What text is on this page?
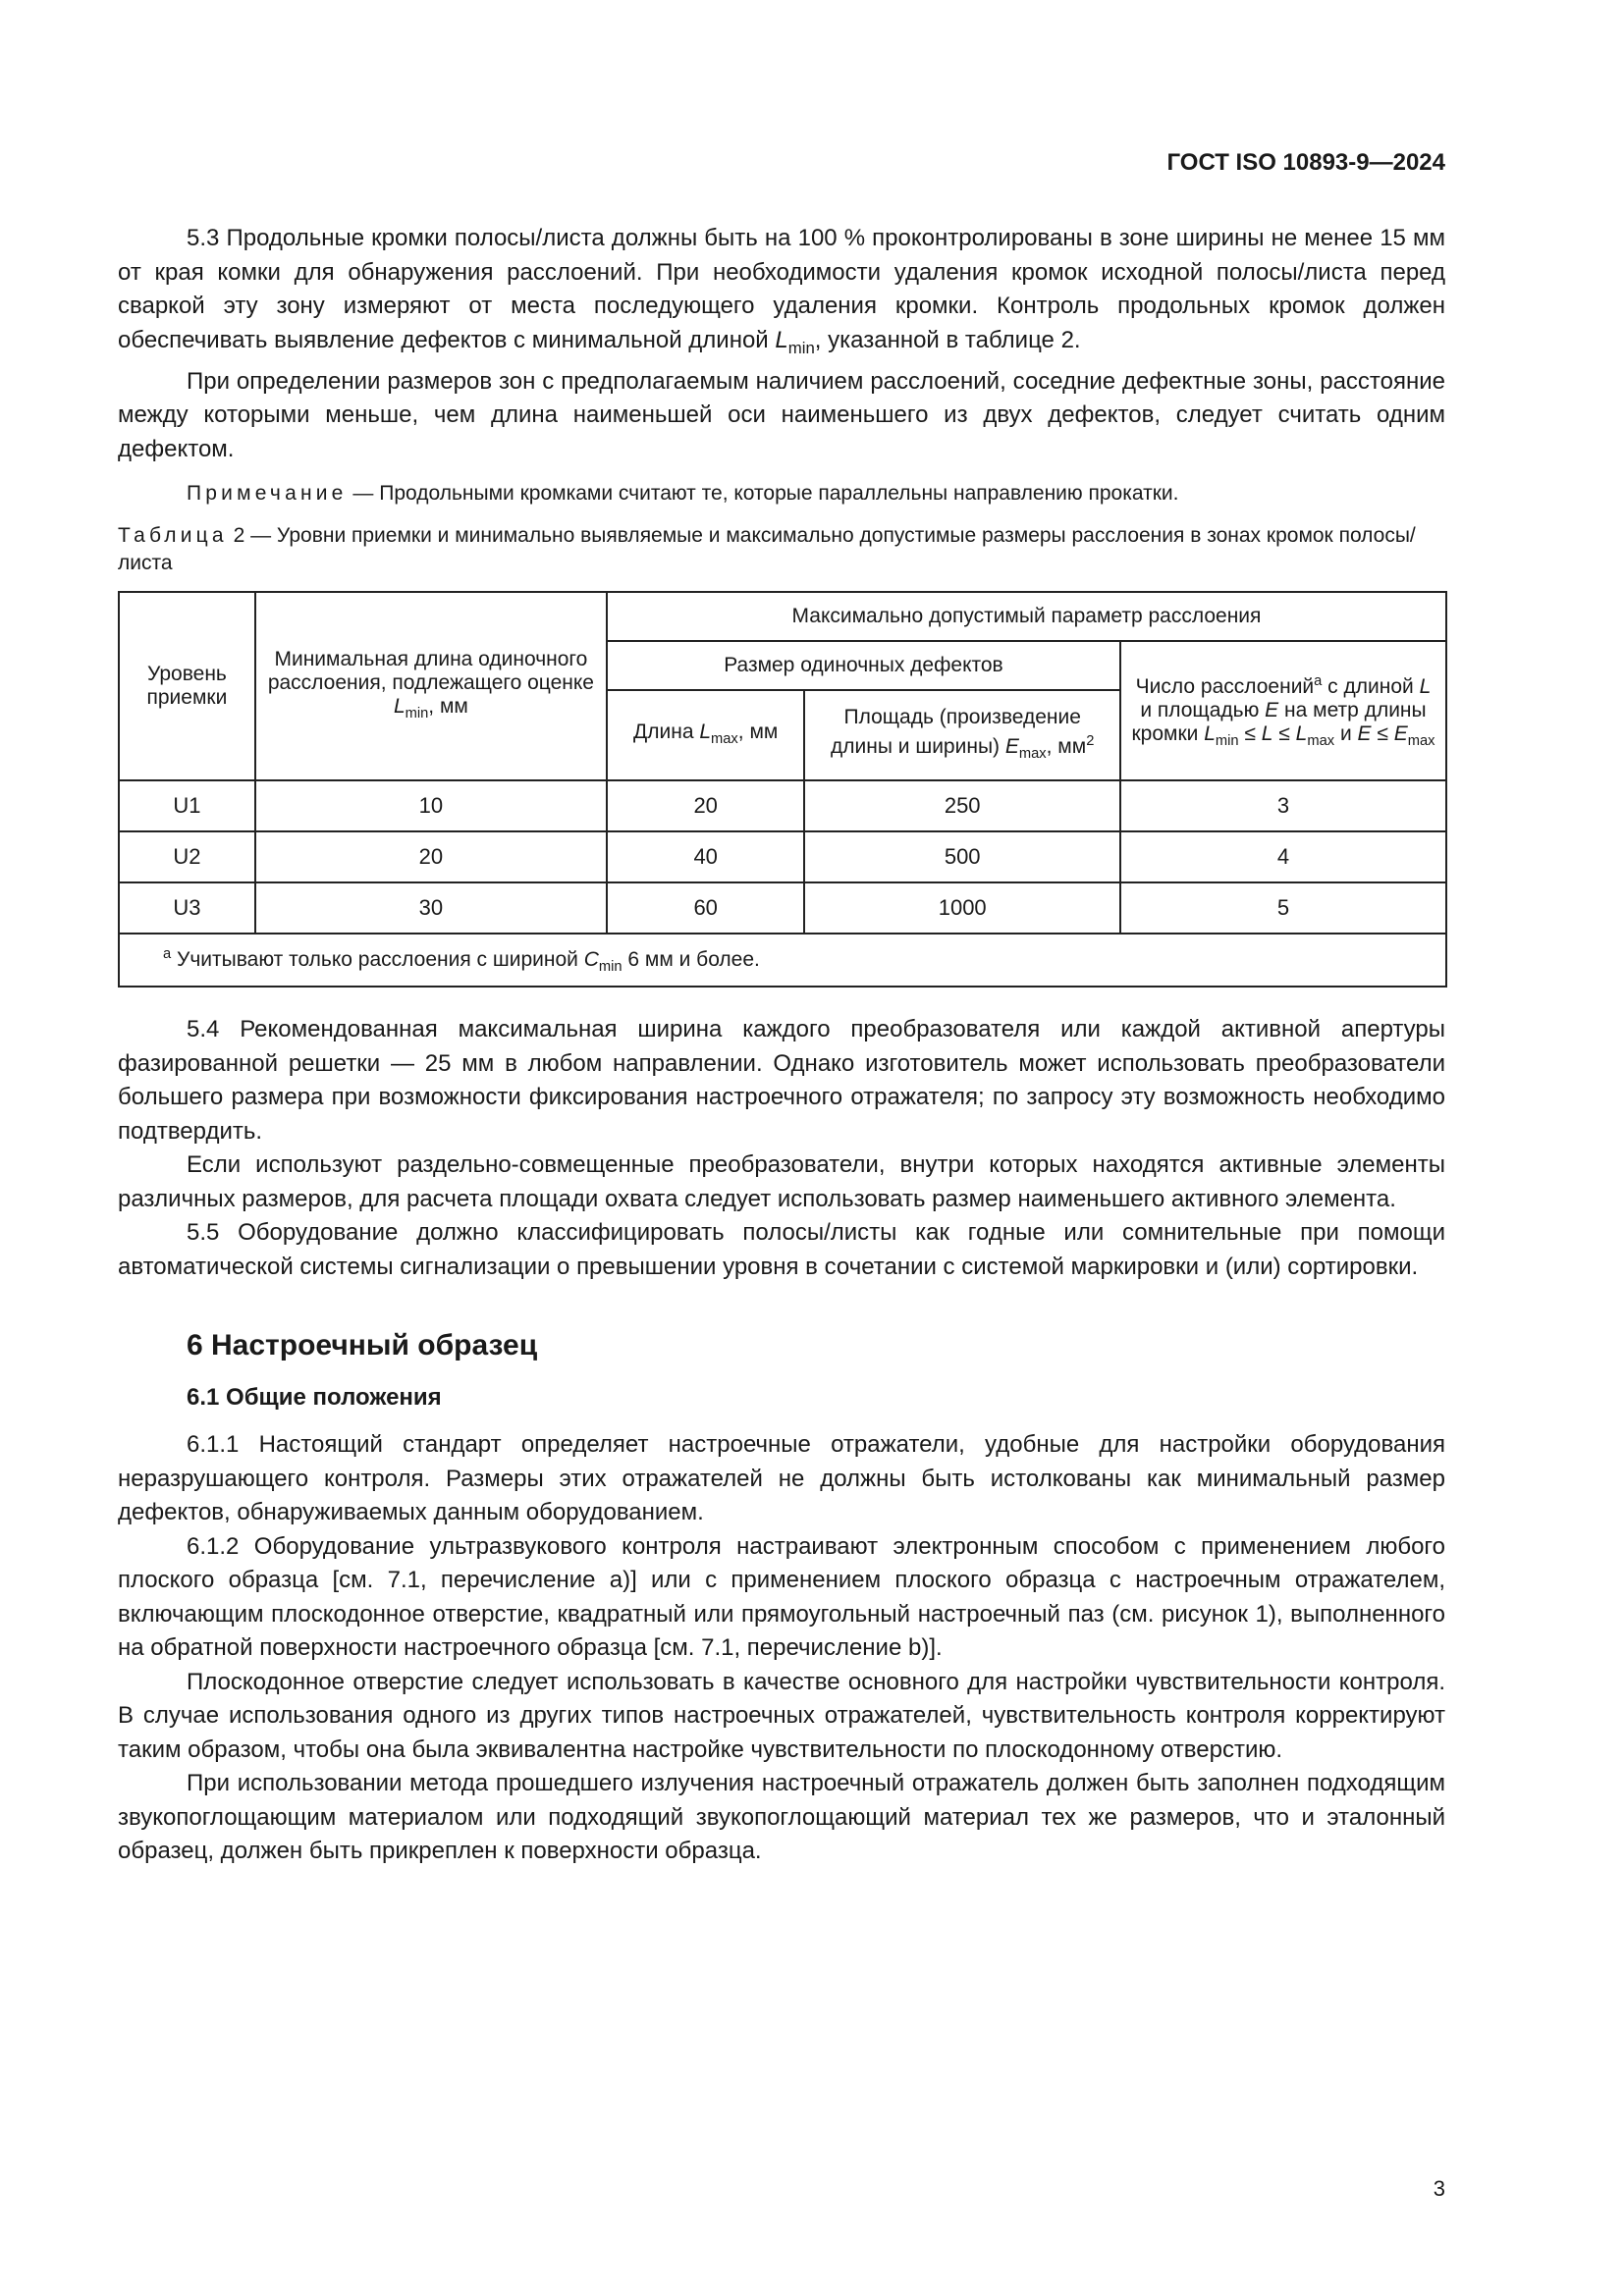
ГОСТ ISO 10893-9—2024

5.3 Продольные кромки полосы/листа должны быть на 100 % проконтролированы в зоне ширины не менее 15 мм от края комки для обнаружения расслоений. При необходимости удаления кромок исходной полосы/листа перед сваркой эту зону измеряют от места последующего удаления кромки. Контроль продольных кромок должен обеспечивать выявление дефектов с минимальной длиной $L_{min}$, указанной в таблице 2.

При определении размеров зон с предполагаемым наличием расслоений, соседние дефектные зоны, расстояние между которыми меньше, чем длина наименьшей оси наименьшего из двух дефектов, следует считать одним дефектом.

Примечание — Продольными кромками считают те, которые параллельны направлению прокатки.

Таблица 2 — Уровни приемки и минимально выявляемые и максимально допустимые размеры расслоения в зонах кромок полосы/листа

Уровень приемки	Минимальная длина одиночного расслоения, подлежащего оценке $L_{min}$, мм	Максимально допустимый параметр расслоения		
		Размер одиночных дефектов		Число расслоений$^a$ с длиной L и площадью E на метр длины кромки $L_{min} \le L \le L_{max}$ и $E \le E_{max}$
		Длина $L_{max}$, мм	Площадь (произведение длины и ширины) $E_{max}$, $мм^2$
U1	10	20	250	3
U2	20	40	500	4
U3	30	60	1000	5
$^a$ Учитывают только расслоения с шириной $C_{min}$ 6 мм и более.				

5.4 Рекомендованная максимальная ширина каждого преобразователя или каждой активной апертуры фазированной решетки — 25 мм в любом направлении. Однако изготовитель может использовать преобразователи большего размера при возможности фиксирования настроечного отражателя; по запросу эту возможность необходимо подтвердить.

Если используют раздельно-совмещенные преобразователи, внутри которых находятся активные элементы различных размеров, для расчета площади охвата следует использовать размер наименьшего активного элемента.

5.5 Оборудование должно классифицировать полосы/листы как годные или сомнительные при помощи автоматической системы сигнализации о превышении уровня в сочетании с системой маркировки и (или) сортировки.

6 Настроечный образец
6.1 Общие положения

6.1.1 Настоящий стандарт определяет настроечные отражатели, удобные для настройки оборудования неразрушающего контроля. Размеры этих отражателей не должны быть истолкованы как минимальный размер дефектов, обнаруживаемых данным оборудованием.

6.1.2 Оборудование ультразвукового контроля настраивают электронным способом с применением любого плоского образца [см. 7.1, перечисление a)] или с применением плоского образца с настроечным отражателем, включающим плоскодонное отверстие, квадратный или прямоугольный настроечный паз (см. рисунок 1), выполненного на обратной поверхности настроечного образца [см. 7.1, перечисление b)].

Плоскодонное отверстие следует использовать в качестве основного для настройки чувствительности контроля. В случае использования одного из других типов настроечных отражателей, чувствительность контроля корректируют таким образом, чтобы она была эквивалентна настройке чувствительности по плоскодонному отверстию.

При использовании метода прошедшего излучения настроечный отражатель должен быть заполнен подходящим звукопоглощающим материалом или подходящий звукопоглощающий материал тех же размеров, что и эталонный образец, должен быть прикреплен к поверхности образца.

3
